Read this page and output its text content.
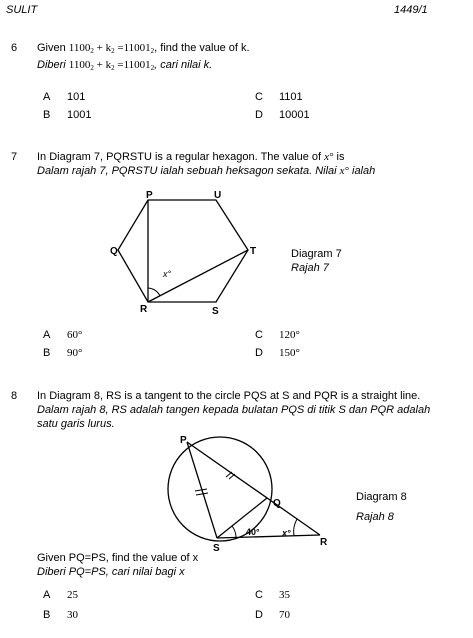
SULIT	1449/1
6 Given $1100_2 + k_2 =11001_2$, find the value of k.
Diberi $1100_2 + k_2 =11001_2$, cari nilai k.
A 101
B 1001
C 1101
D 10001
7 In Diagram 7, PQRSTU is a regular hexagon. The value of x° is
Dalam rajah 7, PQRSTU ialah sebuah heksagon sekata. Nilai x° ialah
P	U
Q	T
R	S
x°
Diagram 7
Rajah 7
A 60°
B 90°
C 120°
D 150°
8 In Diagram 8, RS is a tangent to the circle PQS at S and PQR is a straight line.
Dalam rajah 8, RS adalah tangen kepada bulatan PQS di titik S dan PQR adalah
satu garis lurus.
P
Q
S
R
40° x°
Diagram 8
Rajah 8
Given PQ=PS, find the value of x
Diberi PQ=PS, cari nilai bagi x
A 25
B 30
C 35
D 70
